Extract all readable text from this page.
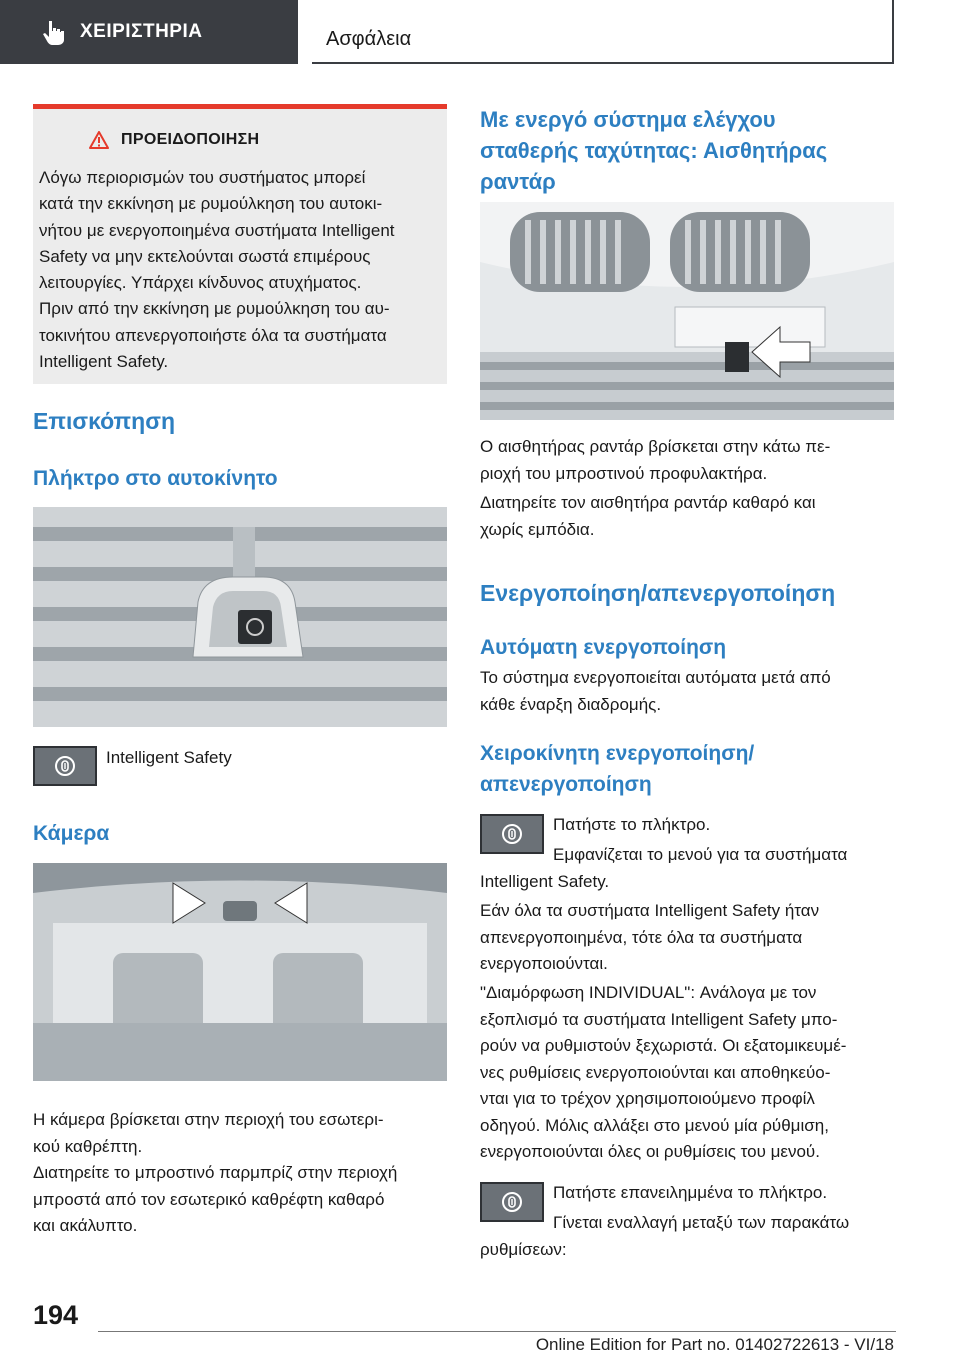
ΧΕΙΡΙΣΤΗΡΙΑ	Ασφάλεια
ΠΡΟΕΙΔΟΠΟΙΗΣΗ
Λόγω περιορισμών του συστήματος μπορεί
κατά την εκκίνηση με ρυμούλκηση του αυτοκι-
νήτου με ενεργοποιημένα συστήματα Intelligent
Safety να μην εκτελούνται σωστά επιμέρους
λειτουργίες. Υπάρχει κίνδυνος ατυχήματος.
Πριν από την εκκίνηση με ρυμούλκηση του αυ-
τοκινήτου απενεργοποιήστε όλα τα συστήματα
Intelligent Safety.
Επισκόπηση
Πλήκτρο στο αυτοκίνητο
Intelligent Safety
Κάμερα
Η κάμερα βρίσκεται στην περιοχή του εσωτερι-
κού καθρέπτη.
Διατηρείτε το μπροστινό παρμπρίζ στην περιοχή
μπροστά από τον εσωτερικό καθρέφτη καθαρό
και ακάλυπτο.
Με ενεργό σύστημα ελέγχου
σταθερής ταχύτητας: Αισθητήρας
ραντάρ
Ο αισθητήρας ραντάρ βρίσκεται στην κάτω πε-
ριοχή του μπροστινού προφυλακτήρα.
Διατηρείτε τον αισθητήρα ραντάρ καθαρό και
χωρίς εμπόδια.
Ενεργοποίηση/απενεργοποίηση
Αυτόματη ενεργοποίηση
Το σύστημα ενεργοποιείται αυτόματα μετά από
κάθε έναρξη διαδρομής.
Χειροκίνητη ενεργοποίηση/
απενεργοποίηση
Πατήστε το πλήκτρο.
Εμφανίζεται το μενού για τα συστήματα
Intelligent Safety.
Εάν όλα τα συστήματα Intelligent Safety ήταν
απενεργοποιημένα, τότε όλα τα συστήματα
ενεργοποιούνται.
"Διαμόρφωση INDIVIDUAL": Ανάλογα με τον
εξοπλισμό τα συστήματα Intelligent Safety μπο-
ρούν να ρυθμιστούν ξεχωριστά. Οι εξατομικευμέ-
νες ρυθμίσεις ενεργοποιούνται και αποθηκεύο-
νται για το τρέχον χρησιμοποιούμενο προφίλ
οδηγού. Μόλις αλλάξει στο μενού μία ρύθμιση,
ενεργοποιούνται όλες οι ρυθμίσεις του μενού.
Πατήστε επανειλημμένα το πλήκτρο.
Γίνεται εναλλαγή μεταξύ των παρακάτω
ρυθμίσεων:
194
Online Edition for Part no. 01402722613 - VI/18
